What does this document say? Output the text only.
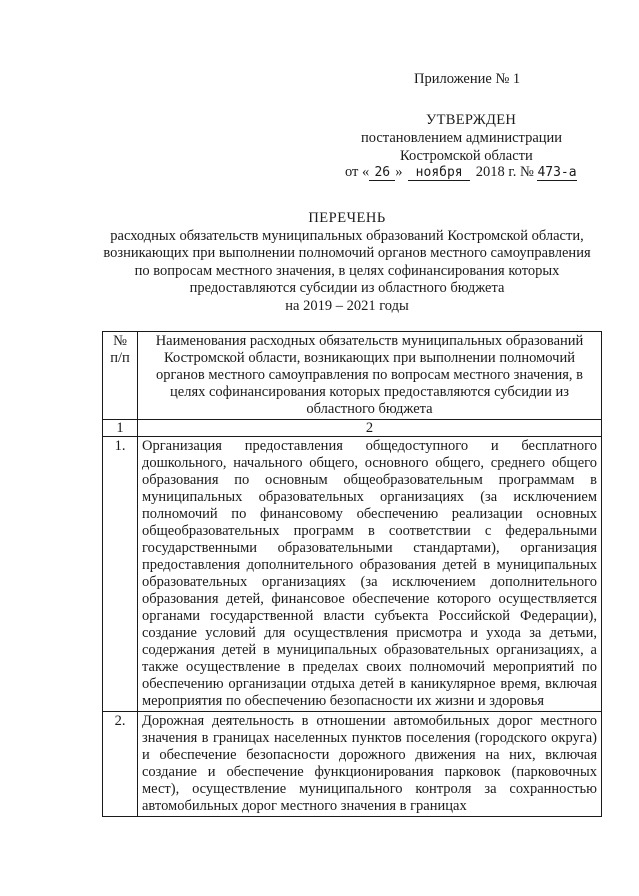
Приложение № 1
УТВЕРЖДЕН
постановлением администрации
Костромской области
от « 26 » ноября 2018 г. № 473-а
ПЕРЕЧЕНЬ
расходных обязательств муниципальных образований Костромской области,
возникающих при выполнении полномочий органов местного самоуправления
по вопросам местного значения, в целях софинансирования которых
предоставляются субсидии из областного бюджета
на 2019 – 2021 годы
№ п/п	Наименования расходных обязательств муниципальных образований Костромской области, возникающих при выполнении полномочий органов местного самоуправления по вопросам местного значения, в целях софинансирования которых предоставляются субсидии из областного бюджета
1	2
1.	Организация предоставления общедоступного и бесплатного дошкольного, начального общего, основного общего, среднего общего образования по основным общеобразовательным программам в муниципальных образовательных организациях (за исключением полномочий по финансовому обеспечению реализации основных общеобразовательных программ в соответствии с федеральными государственными образовательными стандартами), организация предоставления дополнительного образования детей в муниципальных образовательных организациях (за исключением дополнительного образования детей, финансовое обеспечение которого осуществляется органами государственной власти субъекта Российской Федерации), создание условий для осуществления присмотра и ухода за детьми, содержания детей в муниципальных образовательных организациях, а также осуществление в пределах своих полномочий мероприятий по обеспечению организации отдыха детей в каникулярное время, включая мероприятия по обеспечению безопасности их жизни и здоровья
2.	Дорожная деятельность в отношении автомобильных дорог местного значения в границах населенных пунктов поселения (городского округа) и обеспечение безопасности дорожного движения на них, включая создание и обеспечение функционирования парковок (парковочных мест), осуществление муниципального контроля за сохранностью автомобильных дорог местного значения в границах
